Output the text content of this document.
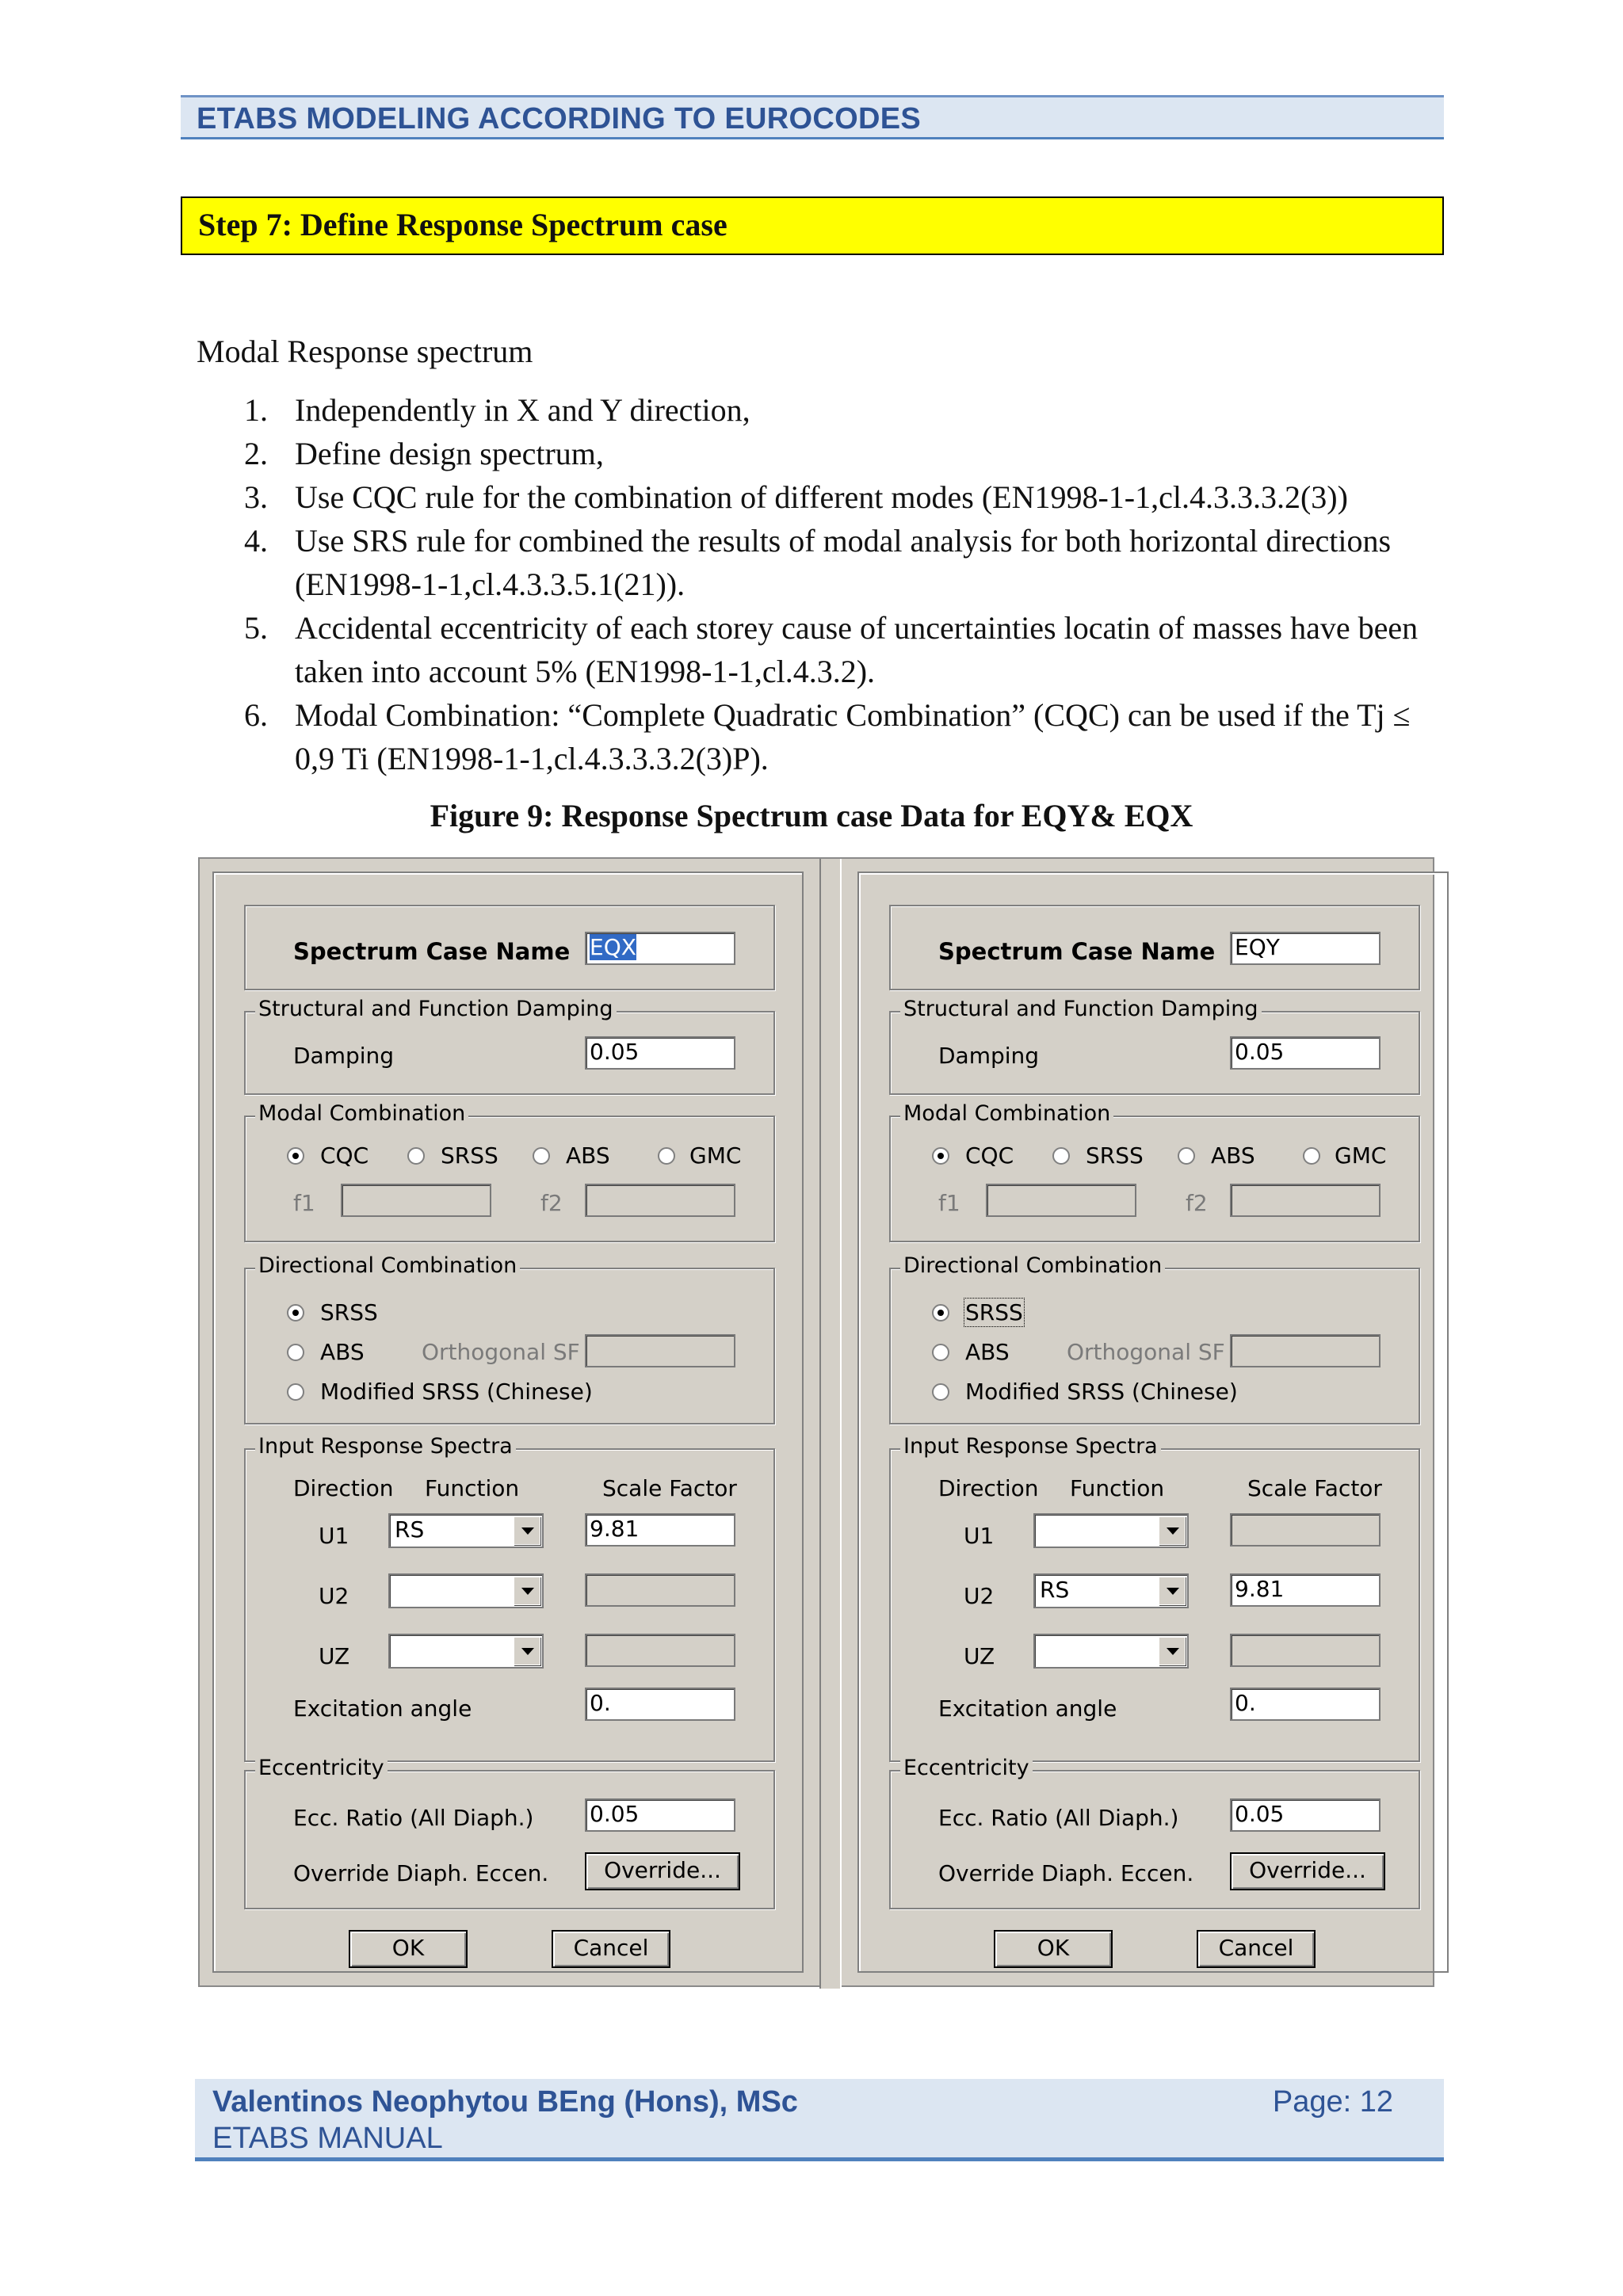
ETABS MODELING ACCORDING TO EUROCODES
Step 7: Define Response Spectrum case
Modal Response spectrum
1. Independently in X and Y direction,
2. Define design spectrum,
3. Use CQC rule for the combination of different modes (EN1998-1-1,cl.4.3.3.3.2(3))
4. Use SRS rule for combined the results of modal analysis for both horizontal directions (EN1998-1-1,cl.4.3.3.5.1(21)).
5. Accidental eccentricity of each storey cause of uncertainties locatin of masses have been taken into account 5% (EN1998-1-1,cl.4.3.2).
6. Modal Combination: “Complete Quadratic Combination” (CQC) can be used if the Tj ≤ 0,9 Ti (EN1998-1-1,cl.4.3.3.3.2(3)P).
Figure 9: Response Spectrum case Data for EQY& EQX
Spectrum Case Name EQX
Structural and Function Damping
Damping	0.05
Modal Combination
CQC	SRSS	ABS	GMC
f1	f2
Directional Combination
SRSS
ABS	Orthogonal SF
Modified SRSS (Chinese)
Input Response Spectra
Direction Function	Scale Factor
U1 RS	9.81
U2
UZ
Excitation angle	0.
Eccentricity
Ecc. Ratio (All Diaph.)	0.05
Override Diaph. Eccen.	Override...
OK	Cancel
Spectrum Case Name EQY
Structural and Function Damping
Damping	0.05
Modal Combination
CQC	SRSS	ABS	GMC
f1	f2
Directional Combination
SRSS
ABS	Orthogonal SF
Modified SRSS (Chinese)
Input Response Spectra
Direction Function	Scale Factor
U1
U2 RS	9.81
UZ
Excitation angle	0.
Eccentricity
Ecc. Ratio (All Diaph.)	0.05
Override Diaph. Eccen.	Override...
OK	Cancel
Valentinos Neophytou BEng (Hons), MSc
ETABS MANUAL
Page: 12
